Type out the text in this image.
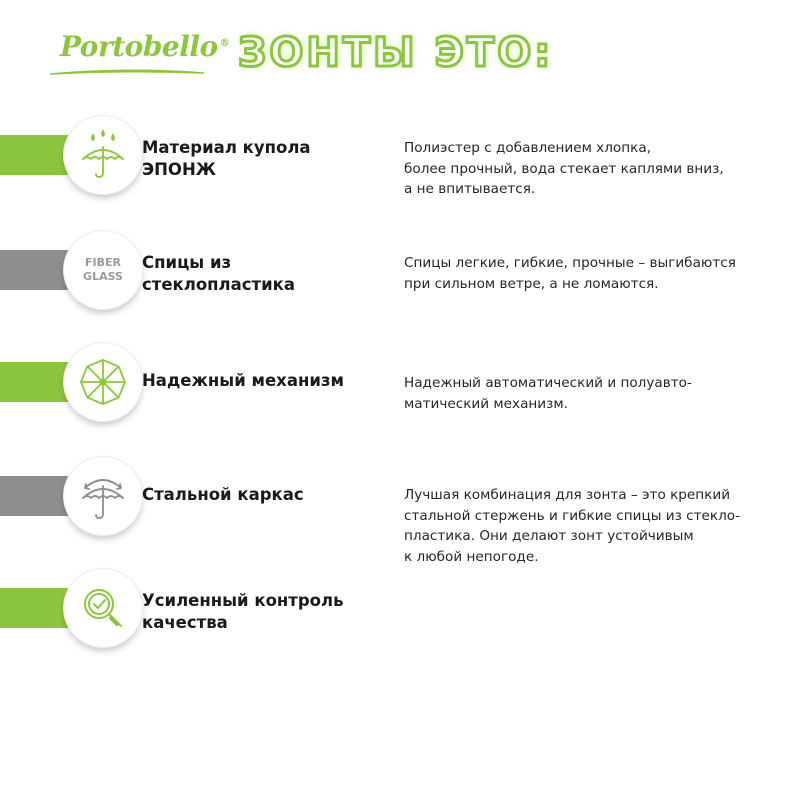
Portobello ® ЗОНТЫ ЭТО:
Материал купола
ЭПОНЖ
Полиэстер с добавлением хлопка,
более прочный, вода стекает каплями вниз,
а не впитывается.
FIBER
GLASS
Спицы из
стеклопластика
Спицы легкие, гибкие, прочные – выгибаются
при сильном ветре, а не ломаются.
Надежный механизм	Надежный автоматический и полуавто-
матический механизм.
Стальной каркас	Лучшая комбинация для зонта – это крепкий
стальной стержень и гибкие спицы из стекло-
пластика. Они делают зонт устойчивым
к любой непогоде.
Усиленный контроль
качества
